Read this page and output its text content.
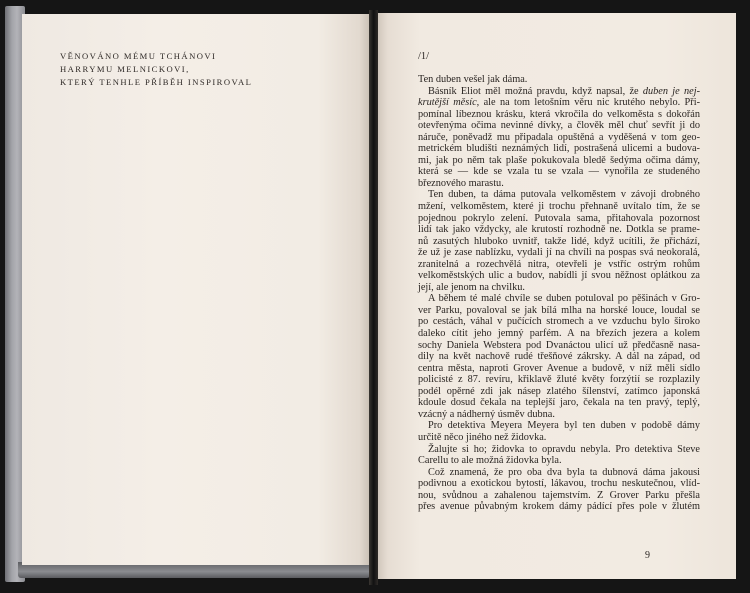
VĚNOVÁNO MÉMU TCHÁNOVI
HARRYMU MELNICKOVI,
KTERÝ TENHLE PŘÍBĚH INSPIROVAL
/1/
Ten duben vešel jak dáma.
Básník Eliot měl možná pravdu, když napsal, že duben je nej-
krutější měsíc, ale na tom letošním věru nic krutého nebylo. Při-
pomínal líbeznou krásku, která vkročila do velkoměsta s dokořán
otevřenýma očima nevinné dívky, a člověk měl chuť sevřít ji do
náruče, poněvadž mu připadala opuštěná a vyděšená v tom geo-
metrickém bludišti neznámých lidí, postrašená ulicemi a budova-
mi, jak po něm tak plaše pokukovala bledě šedýma očima dámy,
která se — kde se vzala tu se vzala — vynořila ze studeného
březnového marastu.
Ten duben, ta dáma putovala velkoměstem v závoji drobného
mžení, velkoměstem, které ji trochu přehnaně uvítalo tím, že se
pojednou pokrylo zelení. Putovala sama, přitahovala pozornost
lidí tak jako vždycky, ale krutostí rozhodně ne. Dotkla se prame-
nů zasutých hluboko uvnitř, takže lidé, když ucítili, že přichází,
že už je zase nablízku, vydali jí na chvíli na pospas svá neokoralá,
zranitelná a rozechvělá nitra, otevřeli je vstříc ostrým rohům
velkoměstských ulic a budov, nabídli jí svou něžnost oplátkou za
její, ale jenom na chvilku.
A během té malé chvíle se duben potuloval po pěšinách v Gro-
ver Parku, povaloval se jak bílá mlha na horské louce, loudal se
po cestách, váhal v pučících stromech a ve vzduchu bylo široko
daleko cítit jeho jemný parfém. A na březích jezera a kolem
sochy Daniela Webstera pod Dvanáctou ulicí už předčasně nasa-
dily na květ nachově rudé třešňové zákrsky. A dál na západ, od
centra města, naproti Grover Avenue a budově, v níž měli sídlo
policisté z 87. revíru, křiklavě žluté květy forzýtií se rozplazily
podél opěrné zdi jak násep zlatého šílenství, zatímco japonská
kdoule dosud čekala na teplejší jaro, čekala na ten pravý, teplý,
vzácný a nádherný úsměv dubna.
Pro detektiva Meyera Meyera byl ten duben v podobě dámy
určitě něco jiného než židovka.
Žalujte si ho; židovka to opravdu nebyla. Pro detektiva Steve
Carellu to ale možná židovka byla.
Což znamená, že pro oba dva byla ta dubnová dáma jakousi
podivnou a exotickou bytostí, lákavou, trochu neskutečnou, vlíd-
nou, svůdnou a zahalenou tajemstvím. Z Grover Parku přešla
přes avenue půvabným krokem dámy pádící přes pole v žlutém
9
